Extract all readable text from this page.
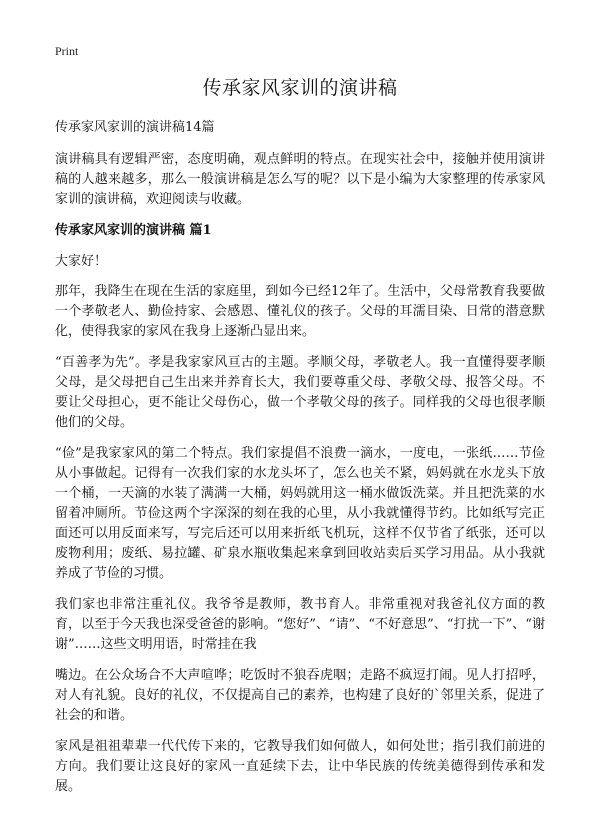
Print
传承家风家训的演讲稿

传承家风家训的演讲稿14篇

演讲稿具有逻辑严密，态度明确，观点鲜明的特点。在现实社会中，接触并使用演讲稿的人越来越多，那么一般演讲稿是怎么写的呢？以下是小编为大家整理的传承家风家训的演讲稿，欢迎阅读与收藏。

传承家风家训的演讲稿 篇1

大家好！

那年，我降生在现在生活的家庭里，到如今已经12年了。生活中，父母常教育我要做一个孝敬老人、勤俭持家、会感恩、懂礼仪的孩子。父母的耳濡目染、日常的潜意默化，使得我家的家风在我身上逐渐凸显出来。

“百善孝为先”。孝是我家家风亘古的主题。孝顺父母，孝敬老人。我一直懂得要孝顺父母，是父母把自己生出来并养育长大，我们要尊重父母、孝敬父母、报答父母。不要让父母担心，更不能让父母伤心，做一个孝敬父母的孩子。同样我的父母也很孝顺他们的父母。

“俭”是我家家风的第二个特点。我们家提倡不浪费一滴水，一度电，一张纸……节俭从小事做起。记得有一次我们家的水龙头坏了，怎么也关不紧，妈妈就在水龙头下放一个桶，一天滴的水装了满满一大桶，妈妈就用这一桶水做饭洗菜。并且把洗菜的水留着冲厕所。节俭这两个字深深的刻在我的心里，从小我就懂得节约。比如纸写完正面还可以用反面来写，写完后还可以用来折纸飞机玩，这样不仅节省了纸张，还可以废物利用；废纸、易拉罐、矿泉水瓶收集起来拿到回收站卖后买学习用品。从小我就养成了节俭的习惯。

我们家也非常注重礼仪。我爷爷是教师，教书育人。非常重视对我爸礼仪方面的教育，以至于今天我也深受爸爸的影响。“您好”、“请”、“不好意思”、“打扰一下”、“谢谢”……这些文明用语，时常挂在我

嘴边。在公众场合不大声喧哗；吃饭时不狼吞虎咽；走路不疯逗打闹。见人打招呼，对人有礼貌。良好的礼仪，不仅提高自己的素养，也构建了良好的`邻里关系，促进了社会的和谐。

家风是祖祖辈辈一代代传下来的，它教导我们如何做人，如何处世；指引我们前进的方向。我们要让这良好的家风一直延续下去，让中华民族的传统美德得到传承和发展。
